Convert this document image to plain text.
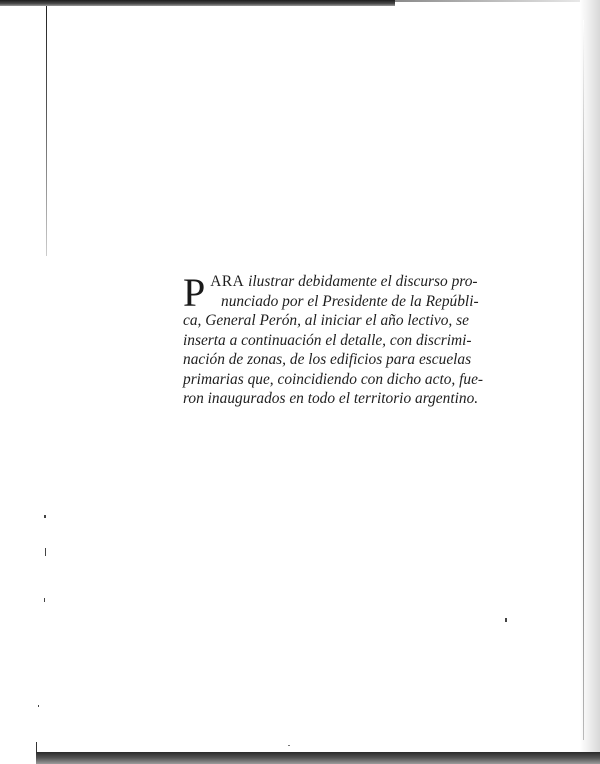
P ARA ilustrar debidamente el discurso pro-
nunciado por el Presidente de la Repúbli-
ca, General Perón, al iniciar el año lectivo, se
inserta a continuación el detalle, con discrimi-
nación de zonas, de los edificios para escuelas
primarias que, coincidiendo con dicho acto, fue-
ron inaugurados en todo el territorio argentino.
